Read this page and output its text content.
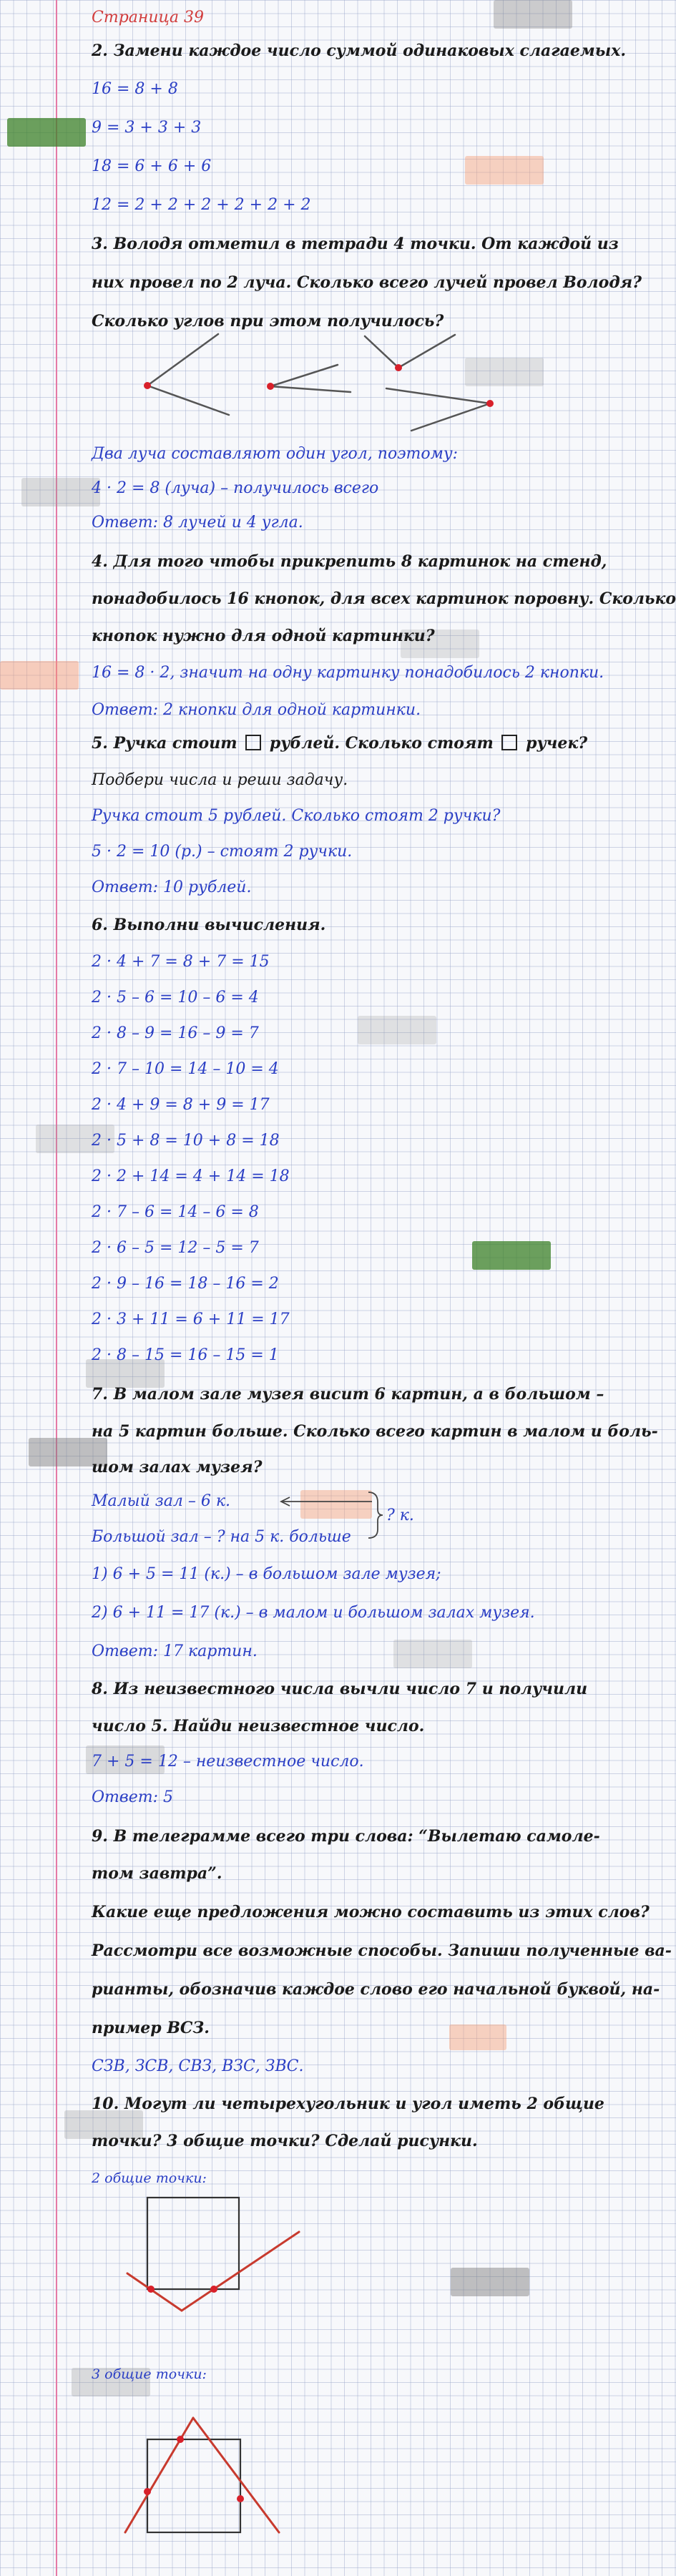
Страница 39
2. Замени каждое число суммой одинаковых слагаемых.
16 = 8 + 8
9 = 3 + 3 + 3
18 = 6 + 6 + 6
12 = 2 + 2 + 2 + 2 + 2 + 2
3. Володя отметил в тетради 4 точки. От каждой из
них провел по 2 луча. Сколько всего лучей провел Володя?
Сколько углов при этом получилось?
Два луча составляют один угол, поэтому:
4 · 2 = 8 (луча) – получилось всего
Ответ: 8 лучей и 4 угла.
4. Для того чтобы прикрепить 8 картинок на стенд,
понадобилось 16 кнопок, для всех картинок поровну. Сколько
кнопок нужно для одной картинки?
16 = 8 · 2, значит на одну картинку понадобилось 2 кнопки.
Ответ: 2 кнопки для одной картинки.
5. Ручка стоит рублей. Сколько стоят ручек?
Подбери числа и реши задачу.
Ручка стоит 5 рублей. Сколько стоят 2 ручки?
5 · 2 = 10 (р.) – стоят 2 ручки.
Ответ: 10 рублей.
6. Выполни вычисления.
2 · 4 + 7 = 8 + 7 = 15
2 · 5 – 6 = 10 – 6 = 4
2 · 8 – 9 = 16 – 9 = 7
2 · 7 – 10 = 14 – 10 = 4
2 · 4 + 9 = 8 + 9 = 17
2 · 5 + 8 = 10 + 8 = 18
2 · 2 + 14 = 4 + 14 = 18
2 · 7 – 6 = 14 – 6 = 8
2 · 6 – 5 = 12 – 5 = 7
2 · 9 – 16 = 18 – 16 = 2
2 · 3 + 11 = 6 + 11 = 17
2 · 8 – 15 = 16 – 15 = 1
7. В малом зале музея висит 6 картин, а в большом –
на 5 картин больше. Сколько всего картин в малом и боль-
шом залах музея?
Малый зал – 6 к.
Большой зал – ? на 5 к. больше
? к.
1) 6 + 5 = 11 (к.) – в большом зале музея;
2) 6 + 11 = 17 (к.) – в малом и большом залах музея.
Ответ: 17 картин.
8. Из неизвестного числа вычли число 7 и получили
число 5. Найди неизвестное число.
7 + 5 = 12 – неизвестное число.
Ответ: 5
9. В телеграмме всего три слова: “Вылетаю самоле-
том завтра”.
Какие еще предложения можно составить из этих слов?
Рассмотри все возможные способы. Запиши полученные ва-
рианты, обозначив каждое слово его начальной буквой, на-
пример ВСЗ.
СЗВ, ЗСВ, СВЗ, ВЗС, ЗВС.
10. Могут ли четырехугольник и угол иметь 2 общие
точки? 3 общие точки? Сделай рисунки.
2 общие точки:
3 общие точки:
